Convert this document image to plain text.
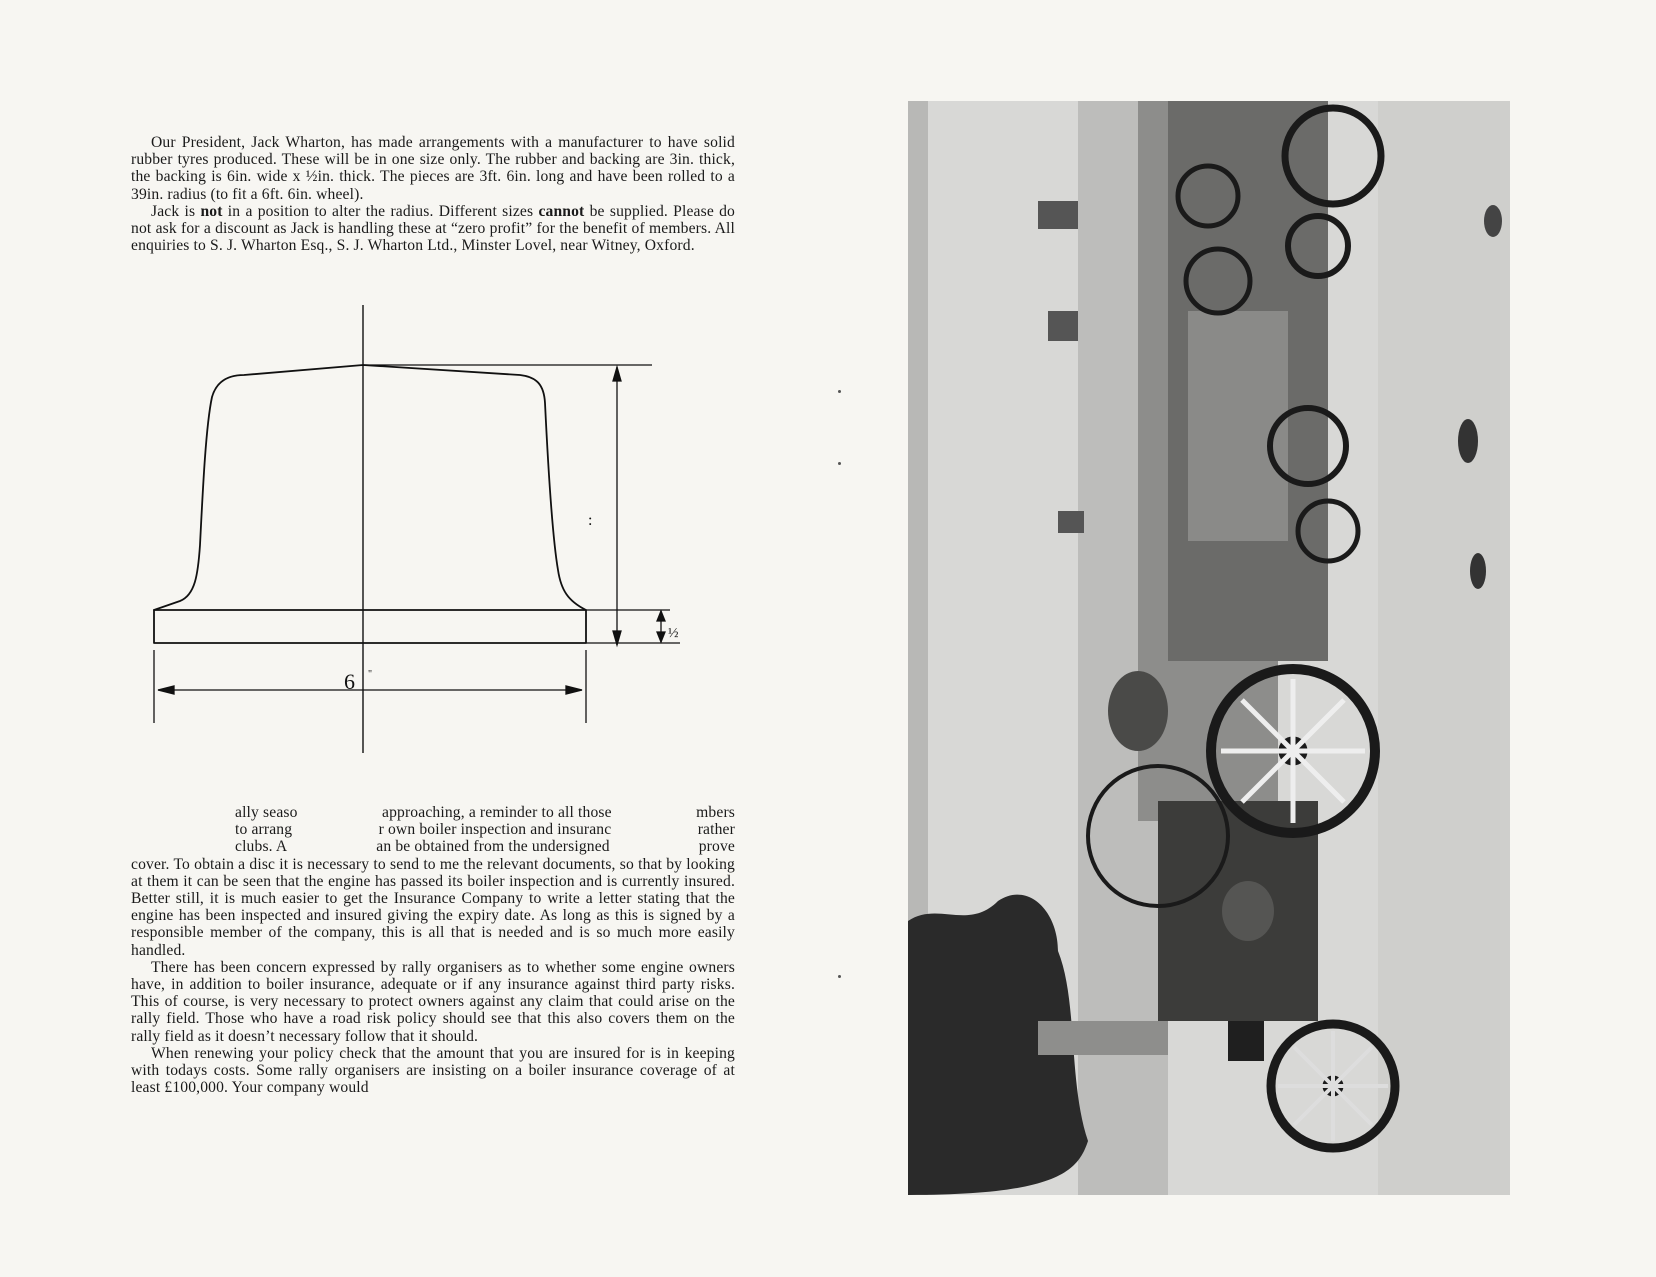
Our President, Jack Wharton, has made arrangements with a manufacturer to have solid rubber tyres produced. These will be in one size only. The rubber and backing are 3in. thick, the backing is 6in. wide x ½in. thick. The pieces are 3ft. 6in. long and have been rolled to a 39in. radius (to fit a 6ft. 6in. wheel).

Jack is not in a position to alter the radius. Different sizes cannot be supplied. Please do not ask for a discount as Jack is handling these at “zero profit” for the benefit of members. All enquiries to S. J. Wharton Esq., S. J. Wharton Ltd., Minster Lovel, near Witney, Oxford.

:
½
6 "
ally seaso	approaching, a reminder to all those	mbers
to arrang	r own boiler inspection and insuranc	rather
clubs. A	an be obtained from the undersigned	prove

cover. To obtain a disc it is necessary to send to me the relevant documents, so that by looking at them it can be seen that the engine has passed its boiler inspection and is currently insured. Better still, it is much easier to get the Insurance Company to write a letter stating that the engine has been inspected and insured giving the expiry date. As long as this is signed by a responsible member of the company, this is all that is needed and is so much more easily handled.

There has been concern expressed by rally organisers as to whether some engine owners have, in addition to boiler insurance, adequate or if any insurance against third party risks. This of course, is very necessary to protect owners against any claim that could arise on the rally field. Those who have a road risk policy should see that this also covers them on the rally field as it doesn’t necessary follow that it should.

When renewing your policy check that the amount that you are insured for is in keeping with todays costs. Some rally organisers are insisting on a boiler insurance coverage of at least £100,000. Your company would
